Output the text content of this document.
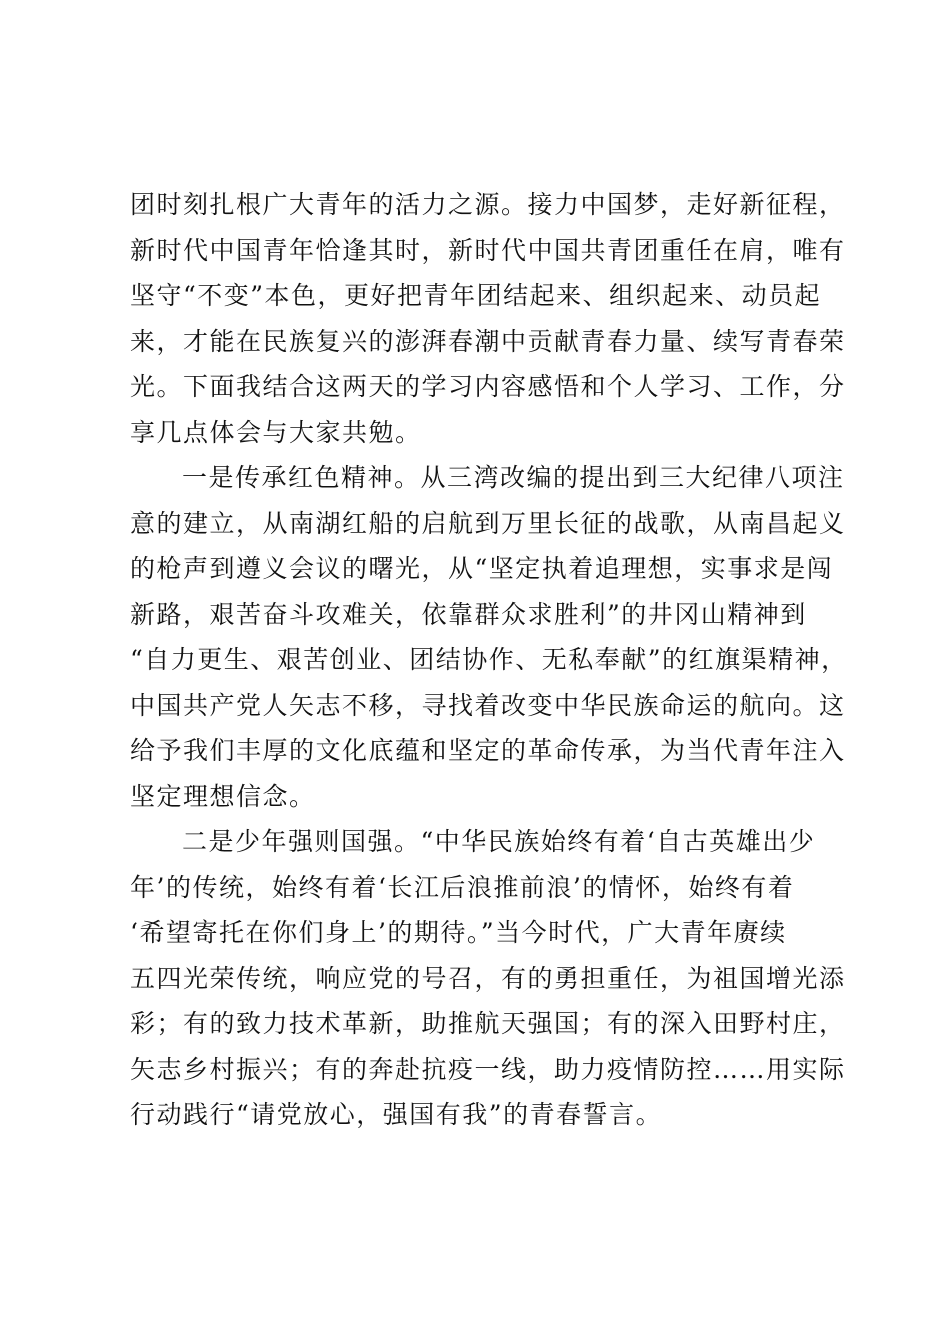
团时刻扎根广大青年的活力之源。接力中国梦，走好新征程，
新时代中国青年恰逢其时，新时代中国共青团重任在肩，唯有
坚守“不变”本色，更好把青年团结起来、组织起来、动员起
来，才能在民族复兴的澎湃春潮中贡献青春力量、续写青春荣
光。下面我结合这两天的学习内容感悟和个人学习、工作，分
享几点体会与大家共勉。

一是传承红色精神。从三湾改编的提出到三大纪律八项注
意的建立，从南湖红船的启航到万里长征的战歌，从南昌起义
的枪声到遵义会议的曙光，从“坚定执着追理想，实事求是闯
新路，艰苦奋斗攻难关，依靠群众求胜利”的井冈山精神到
“自力更生、艰苦创业、团结协作、无私奉献”的红旗渠精神，
中国共产党人矢志不移，寻找着改变中华民族命运的航向。这
给予我们丰厚的文化底蕴和坚定的革命传承，为当代青年注入
坚定理想信念。

二是少年强则国强。“中华民族始终有着‘自古英雄出少
年’的传统，始终有着‘长江后浪推前浪’的情怀，始终有着
‘希望寄托在你们身上’的期待。”当今时代，广大青年赓续
五四光荣传统，响应党的号召，有的勇担重任，为祖国增光添
彩；有的致力技术革新，助推航天强国；有的深入田野村庄，
矢志乡村振兴；有的奔赴抗疫一线，助力疫情防控……用实际
行动践行“请党放心，强国有我”的青春誓言。
